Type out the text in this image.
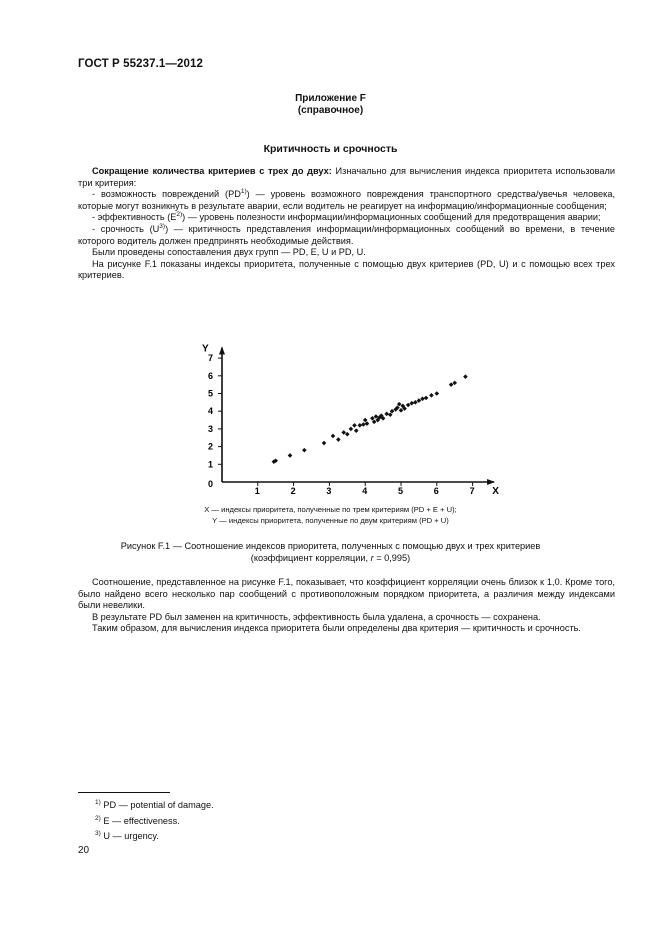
ГОСТ Р 55237.1—2012
Приложение F
(справочное)
Критичность и срочность

Сокращение количества критериев с трех до двух: Изначально для вычисления индекса приоритета использовали три критерия:

- возможность повреждений (PD$^{1)}$) — уровень возможного повреждения транспортного средства/увечья человека, которые могут возникнуть в результате аварии, если водитель не реагирует на информацию/информационные сообщения;

- эффективность $(E^{2)})$ — уровень полезности информации/информационных сообщений для предотвращения аварии;

- срочность $(U^{3)})$ — критичность представления информации/информационных сообщений во времени, в течение которого водитель должен предпринять необходимые действия.

Были проведены сопоставления двух групп — PD, E, U и PD, U.

На рисунке F.1 показаны индексы приоритета, полученные с помощью двух критериев (PD, U) и с помощью всех трех критериев.

X
Y
0
1	2	3	4	5	6	7
1
2
3
4
5
6
7
X — индексы приоритета, полученные по трем критериям (PD + E + U);
Y — индексы приоритета, полученные по двум критериям (PD + U)
Рисунок F.1 — Соотношение индексов приоритета, полученных с помощью двух и трех критериев
(коэффициент корреляции, r = 0,995)

Соотношение, представленное на рисунке F.1, показывает, что коэффициент корреляции очень близок к 1,0. Кроме того, было найдено всего несколько пар сообщений с противоположным порядком приоритета, а различия между индексами были невелики.

В результате PD был заменен на критичность, эффективность была удалена, а срочность — сохранена.

Таким образом, для вычисления индекса приоритета были определены два критерия — критичность и срочность.

$^{1)}$ PD — potential of damage.
$^{2)}$ E — effectiveness.
$^{3)}$ U — urgency.
20
